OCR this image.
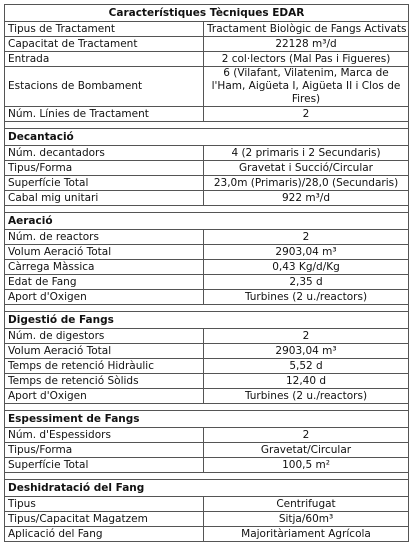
Característiques Tècniques EDAR	
Tipus de Tractament	Tractament Biològic de Fangs Activats
Capacitat de Tractament	22128 m³/d
Entrada	2 col·lectors (Mal Pas i Figueres)
Estacions de Bombament	6 (Vilafant, Vilatenim, Marca de l'Ham, Aigüeta I, Aigüeta II i Clos de Fires)
Núm. Línies de Tractament	2

Decantació	
Núm. decantadors	4 (2 primaris i 2 Secundaris)
Tipus/Forma	Gravetat i Succió/Circular
Superfície Total	23,0m (Primaris)/28,0 (Secundaris)
Cabal mig unitari	922 m³/d

Aeració	
Núm. de reactors	2
Volum Aeració Total	2903,04 m³
Càrrega Màssica	0,43 Kg/d/Kg
Edat de Fang	2,35 d
Aport d'Oxigen	Turbines (2 u./reactors)

Digestió de Fangs	
Núm. de digestors	2
Volum Aeració Total	2903,04 m³
Temps de retenció Hidràulic	5,52 d
Temps de retenció Sòlids	12,40 d
Aport d'Oxigen	Turbines (2 u./reactors)

Espessiment de Fangs	
Núm. d'Espessidors	2
Tipus/Forma	Gravetat/Circular
Superfície Total	100,5 m²

Deshidratació del Fang	
Tipus	Centrifugat
Tipus/Capacitat Magatzem	Sitja/60m³
Aplicació del Fang	Majoritàriament Agrícola
